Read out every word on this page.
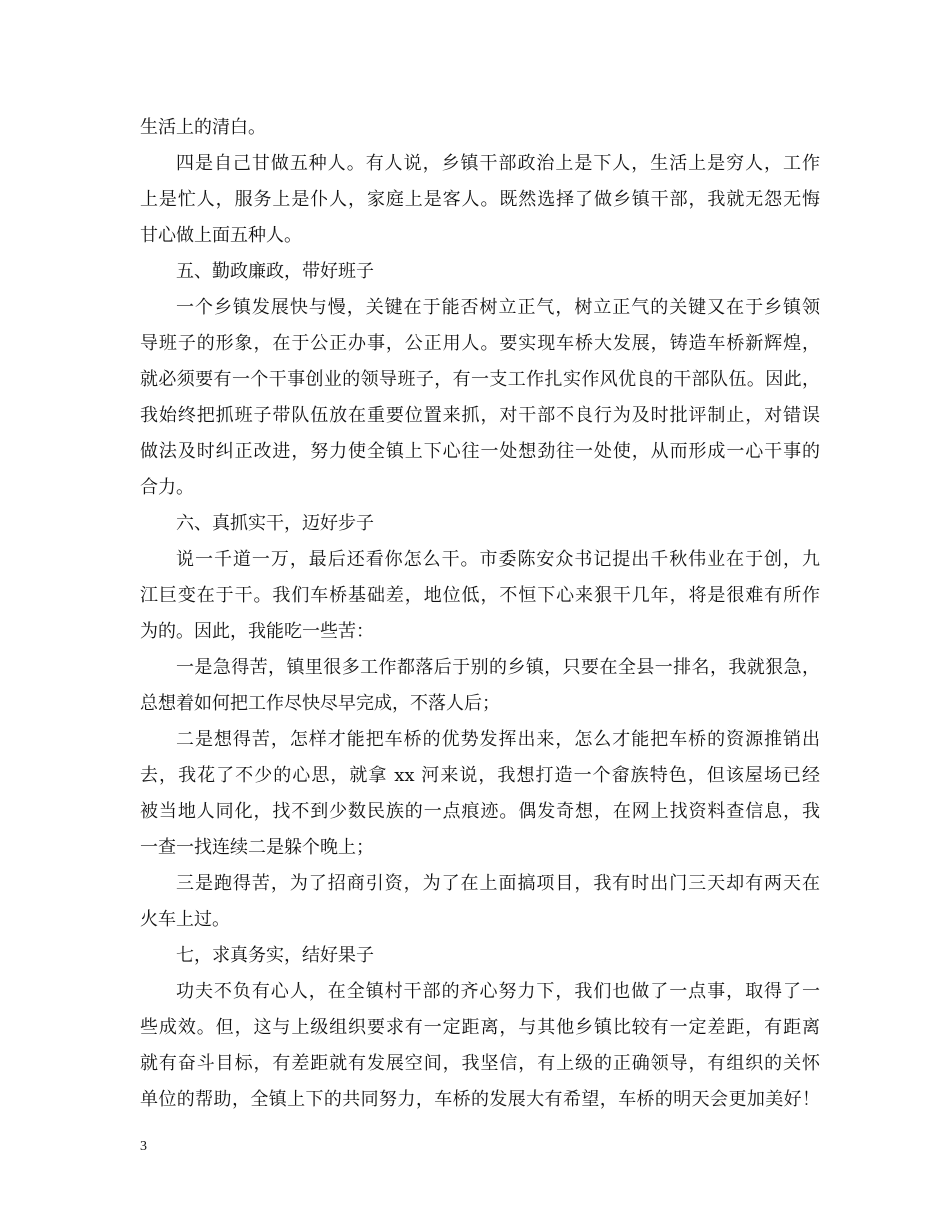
生活上的清白。
四是自己甘做五种人。有人说，乡镇干部政治上是下人，生活上是穷人，工作
上是忙人，服务上是仆人，家庭上是客人。既然选择了做乡镇干部，我就无怨无悔
甘心做上面五种人。
五、勤政廉政，带好班子
一个乡镇发展快与慢，关键在于能否树立正气，树立正气的关键又在于乡镇领
导班子的形象，在于公正办事，公正用人。要实现车桥大发展，铸造车桥新辉煌，
就必须要有一个干事创业的领导班子，有一支工作扎实作风优良的干部队伍。因此，
我始终把抓班子带队伍放在重要位置来抓，对干部不良行为及时批评制止，对错误
做法及时纠正改进，努力使全镇上下心往一处想劲往一处使，从而形成一心干事的
合力。
六、真抓实干，迈好步子
说一千道一万，最后还看你怎么干。市委陈安众书记提出千秋伟业在于创，九
江巨变在于干。我们车桥基础差，地位低，不恒下心来狠干几年，将是很难有所作
为的。因此，我能吃一些苦：
一是急得苦，镇里很多工作都落后于别的乡镇，只要在全县一排名，我就狠急，
总想着如何把工作尽快尽早完成，不落人后；
二是想得苦，怎样才能把车桥的优势发挥出来，怎么才能把车桥的资源推销出
去，我花了不少的心思，就拿 xx 河来说，我想打造一个畲族特色，但该屋场已经
被当地人同化，找不到少数民族的一点痕迹。偶发奇想，在网上找资料查信息，我
一查一找连续二是躲个晚上；
三是跑得苦，为了招商引资，为了在上面搞项目，我有时出门三天却有两天在
火车上过。
七，求真务实，结好果子
功夫不负有心人，在全镇村干部的齐心努力下，我们也做了一点事，取得了一
些成效。但，这与上级组织要求有一定距离，与其他乡镇比较有一定差距，有距离
就有奋斗目标，有差距就有发展空间，我坚信，有上级的正确领导，有组织的关怀
单位的帮助，全镇上下的共同努力，车桥的发展大有希望，车桥的明天会更加美好！
3
